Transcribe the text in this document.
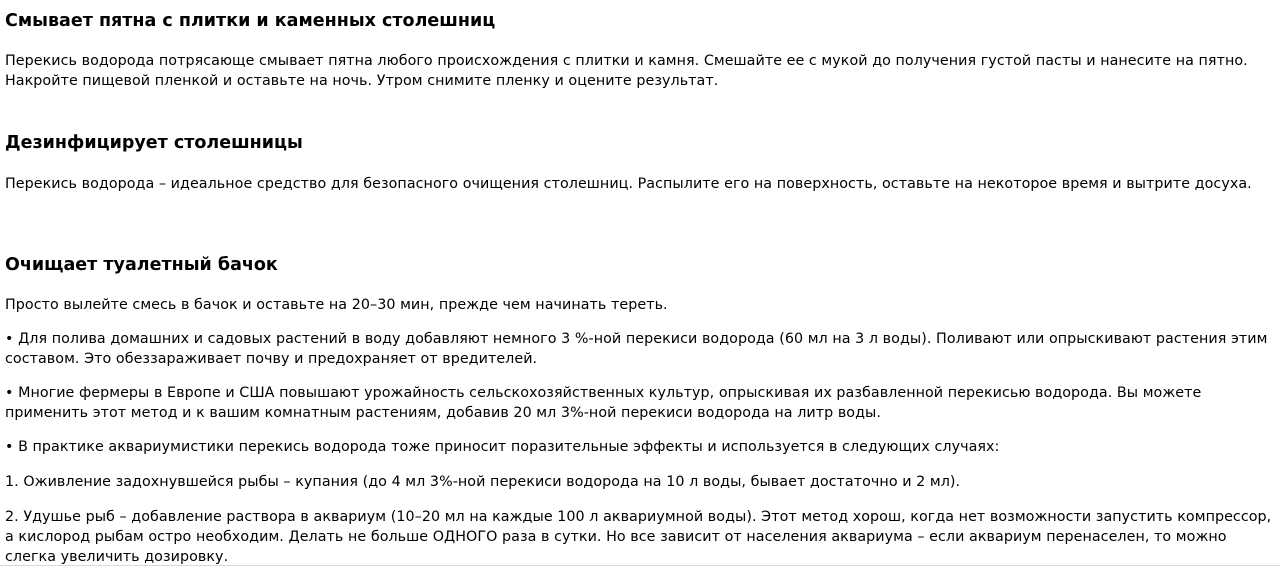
Смывает пятна с плитки и каменных столешниц

Перекись водорода потрясающе смывает пятна любого происхождения с плитки и камня. Смешайте ее с мукой до получения густой пасты и нанесите на пятно. Накройте пищевой пленкой и оставьте на ночь. Утром снимите пленку и оцените результат.

Дезинфицирует столешницы

Перекись водорода – идеальное средство для безопасного очищения столешниц. Распылите его на поверхность, оставьте на некоторое время и вытрите досуха.

Очищает туалетный бачок

Просто вылейте смесь в бачок и оставьте на 20–30 мин, прежде чем начинать тереть.

• Для полива домашних и садовых растений в воду добавляют немного 3 %-ной перекиси водорода (60 мл на 3 л воды). Поливают или опрыскивают растения этим составом. Это обеззараживает почву и предохраняет от вредителей.

• Многие фермеры в Европе и США повышают урожайность сельскохозяйственных культур, опрыскивая их разбавленной перекисью водорода. Вы можете применить этот метод и к вашим комнатным растениям, добавив 20 мл 3%-ной перекиси водорода на литр воды.

• В практике аквариумистики перекись водорода тоже приносит поразительные эффекты и используется в следующих случаях:

1. Оживление задохнувшейся рыбы – купания (до 4 мл 3%-ной перекиси водорода на 10 л воды, бывает достаточно и 2 мл).

2. Удушье рыб – добавление раствора в аквариум (10–20 мл на каждые 100 л аквариумной воды). Этот метод хорош, когда нет возможности запустить компрессор, а кислород рыбам остро необходим. Делать не больше ОДНОГО раза в сутки. Но все зависит от населения аквариума – если аквариум перенаселен, то можно слегка увеличить дозировку.
